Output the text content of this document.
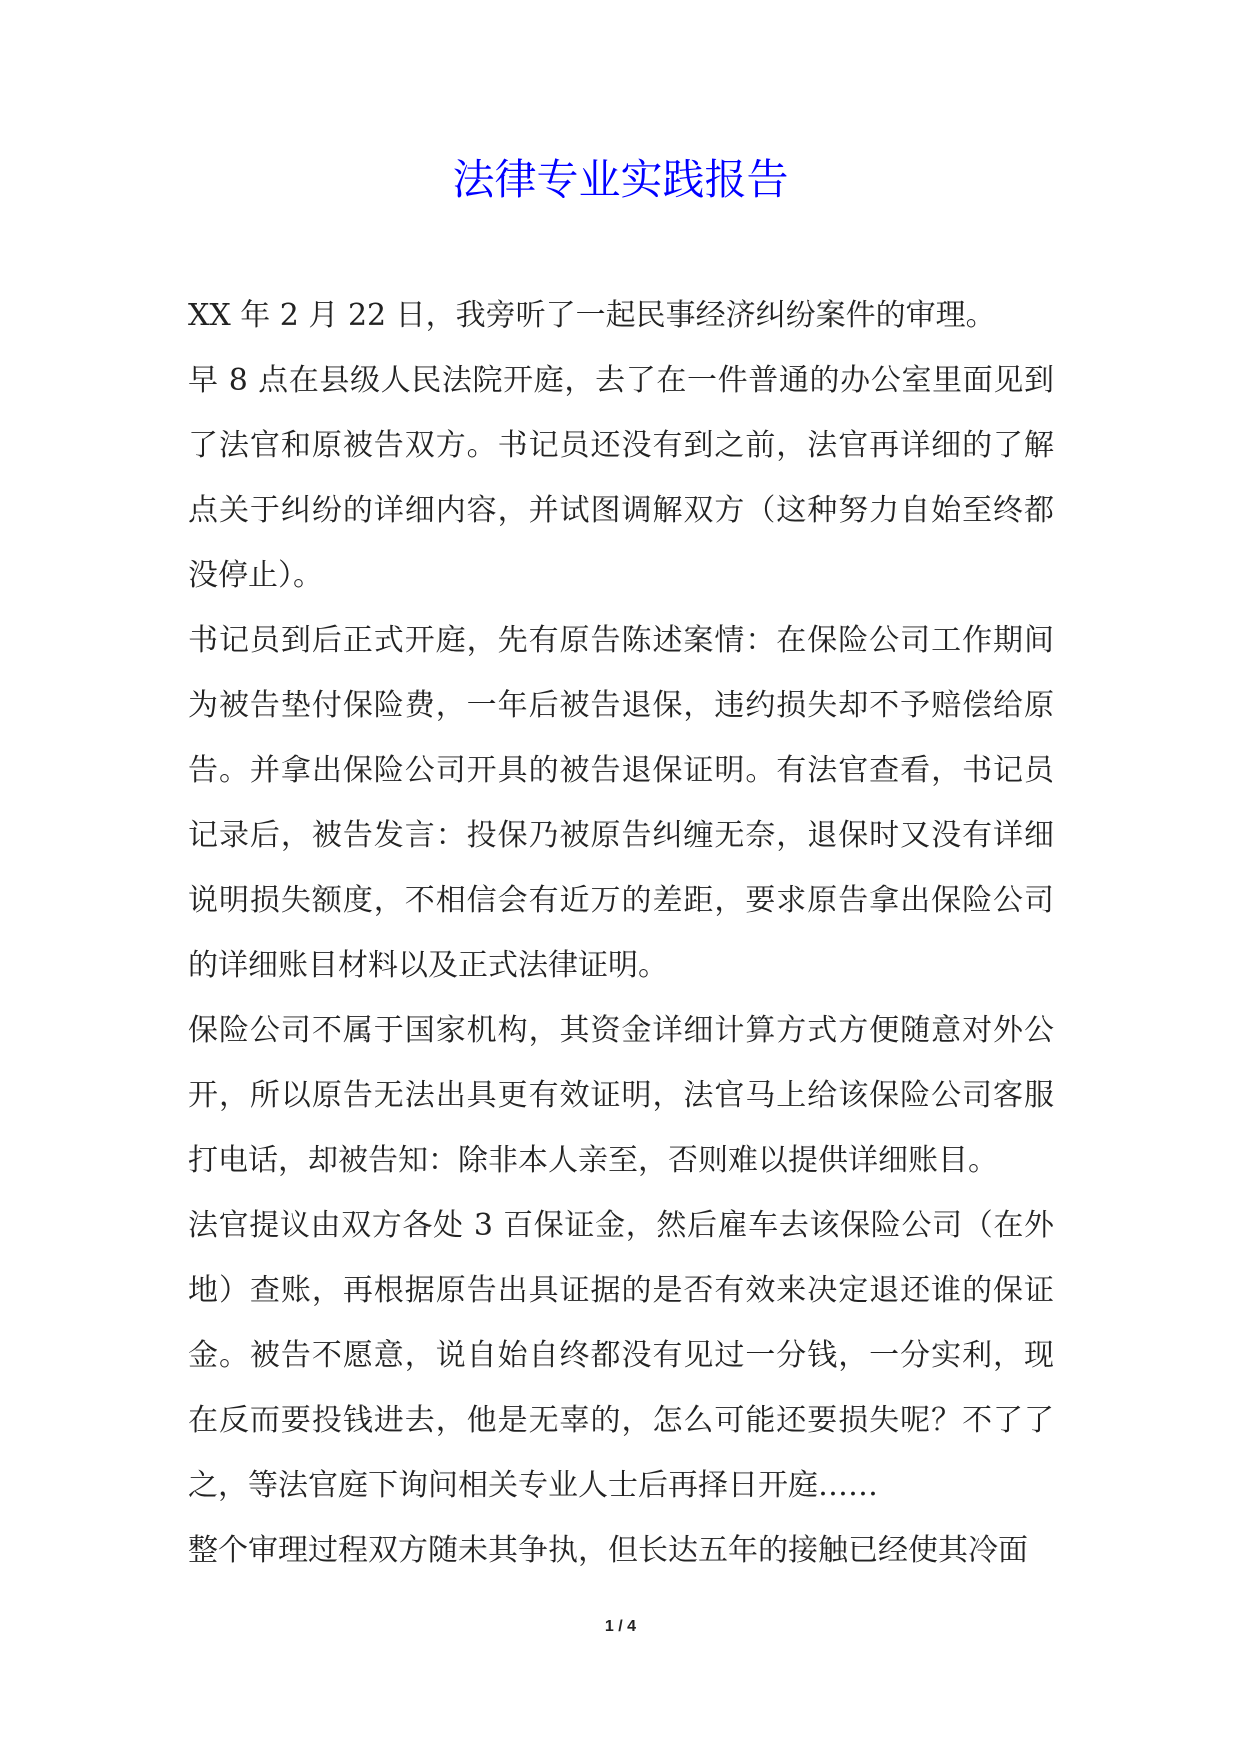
法律专业实践报告

XX 年 2 月 22 日，我旁听了一起民事经济纠纷案件的审理。

早 8 点在县级人民法院开庭，去了在一件普通的办公室里面见到了法官和原被告双方。书记员还没有到之前，法官再详细的了解点关于纠纷的详细内容，并试图调解双方（这种努力自始至终都没停止）。

书记员到后正式开庭，先有原告陈述案情：在保险公司工作期间为被告垫付保险费，一年后被告退保，违约损失却不予赔偿给原告。并拿出保险公司开具的被告退保证明。有法官查看，书记员记录后，被告发言：投保乃被原告纠缠无奈，退保时又没有详细说明损失额度，不相信会有近万的差距，要求原告拿出保险公司的详细账目材料以及正式法律证明。

保险公司不属于国家机构，其资金详细计算方式方便随意对外公开，所以原告无法出具更有效证明，法官马上给该保险公司客服打电话，却被告知：除非本人亲至，否则难以提供详细账目。

法官提议由双方各处 3 百保证金，然后雇车去该保险公司（在外地）查账，再根据原告出具证据的是否有效来决定退还谁的保证金。被告不愿意，说自始自终都没有见过一分钱，一分实利，现在反而要投钱进去，他是无辜的，怎么可能还要损失呢？不了了之，等法官庭下询问相关专业人士后再择日开庭……

整个审理过程双方随未其争执，但长达五年的接触已经使其冷面

1 / 4
